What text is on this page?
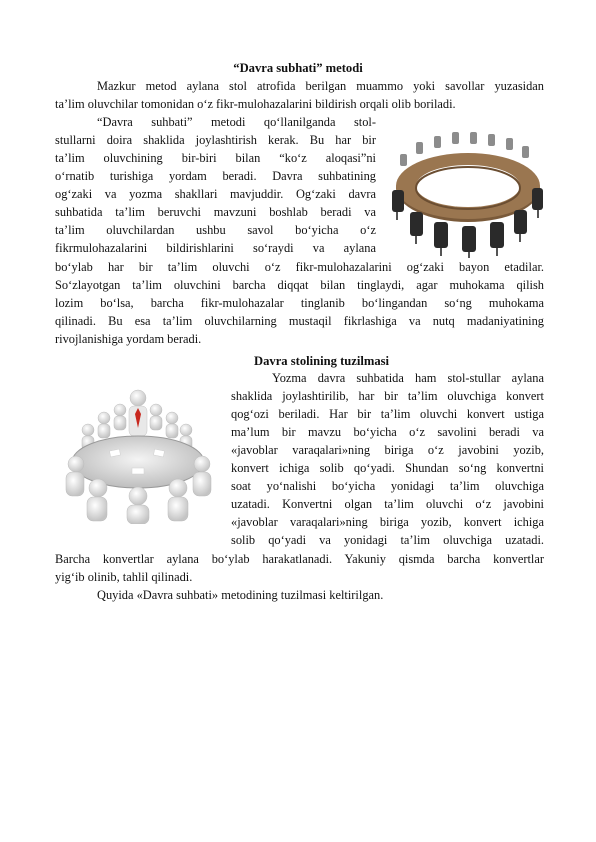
“Davra subhati” metodi

Mazkur metod aylana stol atrofida berilgan muammo yoki savollar yuzasidan

ta’lim oluvchilar tomonidan o‘z fikr-mulohazalarini bildirish orqali olib boriladi.

“Davra suhbati” metodi qo‘llanilganda stol-

stullarni doira shaklida joylashtirish kerak. Bu har bir

ta’lim oluvchining bir-biri bilan “ko‘z aloqasi”ni

o‘rnatib turishiga yordam beradi. Davra suhbatining

og‘zaki va yozma shakllari mavjuddir. Og‘zaki davra

suhbatida ta’lim beruvchi mavzuni boshlab beradi va

ta’lim oluvchilardan ushbu savol bo‘yicha o‘z

fikrmulohazalarini bildirishlarini so‘raydi va aylana

bo‘ylab har bir ta’lim oluvchi o‘z fikr-mulohazalarini og‘zaki bayon etadilar.

So‘zlayotgan ta’lim oluvchini barcha diqqat bilan tinglaydi, agar muhokama qilish

lozim bo‘lsa, barcha fikr-mulohazalar tinglanib bo‘lingandan so‘ng muhokama

qilinadi. Bu esa ta’lim oluvchilarning mustaqil fikrlashiga va nutq madaniyatining

rivojlanishiga yordam beradi.

Davra stolining tuzilmasi

Yozma davra suhbatida ham stol-stullar aylana

shaklida joylashtirilib, har bir ta’lim oluvchiga konvert

qog‘ozi beriladi. Har bir ta’lim oluvchi konvert ustiga

ma’lum bir mavzu bo‘yicha o‘z savolini beradi va

«javoblar varaqalari»ning biriga o‘z javobini yozib,

konvert ichiga solib qo‘yadi. Shundan so‘ng konvertni

soat yo‘nalishi bo‘yicha yonidagi ta’lim oluvchiga

uzatadi. Konvertni olgan ta’lim oluvchi o‘z javobini

«javoblar varaqalari»ning biriga yozib, konvert ichiga

solib qo‘yadi va yonidagi ta’lim oluvchiga uzatadi.

Barcha konvertlar aylana bo‘ylab harakatlanadi. Yakuniy qismda barcha konvertlar

yig‘ib olinib, tahlil qilinadi.

Quyida «Davra suhbati» metodining tuzilmasi keltirilgan.
